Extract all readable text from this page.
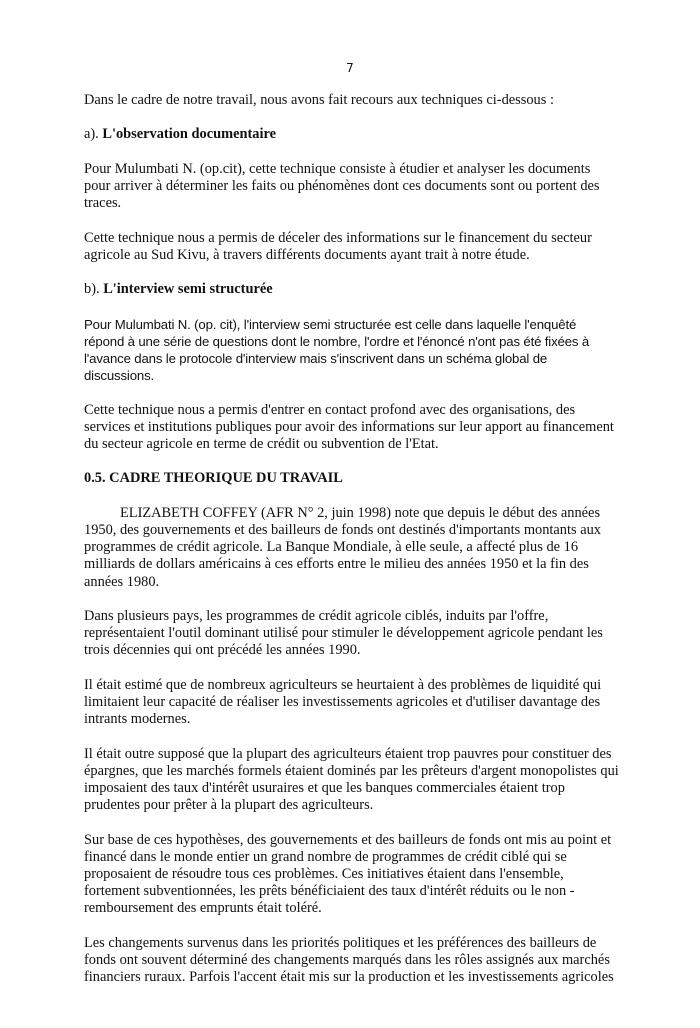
7

Dans le cadre de notre travail, nous avons fait recours aux techniques ci-dessous :

a). L'observation documentaire

Pour Mulumbati N. (op.cit), cette technique consiste à étudier et analyser les documents pour arriver à déterminer les faits ou phénomènes dont ces documents sont ou portent des traces.

Cette technique nous a permis de déceler des informations sur le financement du secteur agricole au Sud Kivu, à travers différents documents ayant trait à notre étude.

b). L'interview semi structurée

Pour Mulumbati N. (op. cit), l'interview semi structurée est celle dans laquelle l'enquêté répond à une série de questions dont le nombre, l'ordre et l'énoncé n'ont pas été fixées à l'avance dans le protocole d'interview mais s'inscrivent dans un schéma global de discussions.

Cette technique nous a permis d'entrer en contact profond avec des organisations, des services et institutions publiques pour avoir des informations sur leur apport au financement du secteur agricole en terme de crédit ou subvention de l'Etat.

0.5. CADRE THEORIQUE DU TRAVAIL

ELIZABETH COFFEY (AFR N° 2, juin 1998) note que depuis le début des années 1950, des gouvernements et des bailleurs de fonds ont destinés d'importants montants aux programmes de crédit agricole. La Banque Mondiale, à elle seule, a affecté plus de 16 milliards de dollars américains à ces efforts entre le milieu des années 1950 et la fin des années 1980.

Dans plusieurs pays, les programmes de crédit agricole ciblés, induits par l'offre, représentaient l'outil dominant utilisé pour stimuler le développement agricole pendant les trois décennies qui ont précédé les années 1990.

Il était estimé que de nombreux agriculteurs se heurtaient à des problèmes de liquidité qui limitaient leur capacité de réaliser les investissements agricoles et d'utiliser davantage des intrants modernes.

Il était outre supposé que la plupart des agriculteurs étaient trop pauvres pour constituer des épargnes, que les marchés formels étaient dominés par les prêteurs d'argent monopolistes qui imposaient des taux d'intérêt usuraires et que les banques commerciales étaient trop prudentes pour prêter à la plupart des agriculteurs.

Sur base de ces hypothèses, des gouvernements et des bailleurs de fonds ont mis au point et financé dans le monde entier un grand nombre de programmes de crédit ciblé qui se proposaient de résoudre tous ces problèmes. Ces initiatives étaient dans l'ensemble, fortement subventionnées, les prêts bénéficiaient des taux d'intérêt réduits ou le non - remboursement des emprunts était toléré.

Les changements survenus dans les priorités politiques et les préférences des bailleurs de fonds ont souvent déterminé des changements marqués dans les rôles assignés aux marchés financiers ruraux. Parfois l'accent était mis sur la production et les investissements agricoles
